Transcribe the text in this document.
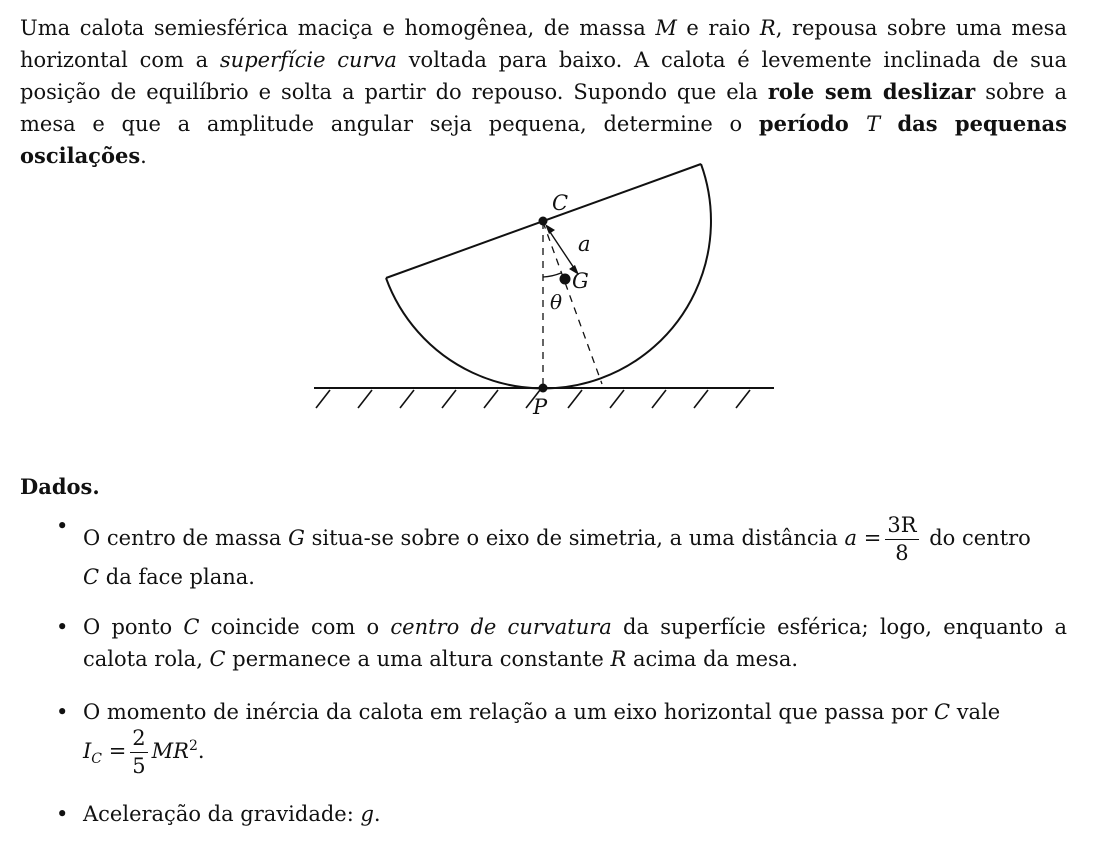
Uma calota semiesférica maciça e homogênea, de massa M e raio R, repousa sobre uma mesa horizontal com a superfície curva voltada para baixo. A calota é levemente inclinada de sua posição de equilíbrio e solta a partir do repouso. Supondo que ela role sem deslizar sobre a mesa e que a amplitude angular seja pequena, determine o período T das pequenas oscilações.

C
a
G
θ
P

Dados.

• O centro de massa G situa-se sobre o eixo de simetria, a uma distância $a = \frac{3R}{8}$ do centro
C da face plana.
• O ponto C coincide com o centro de curvatura da superfície esférica; logo, enquanto a calota rola, C permanece a uma altura constante R acima da mesa.
• O momento de inércia da calota em relação a um eixo horizontal que passa por C vale
$I_C = \frac{2}{5} MR^2$.
• Aceleração da gravidade: g.
